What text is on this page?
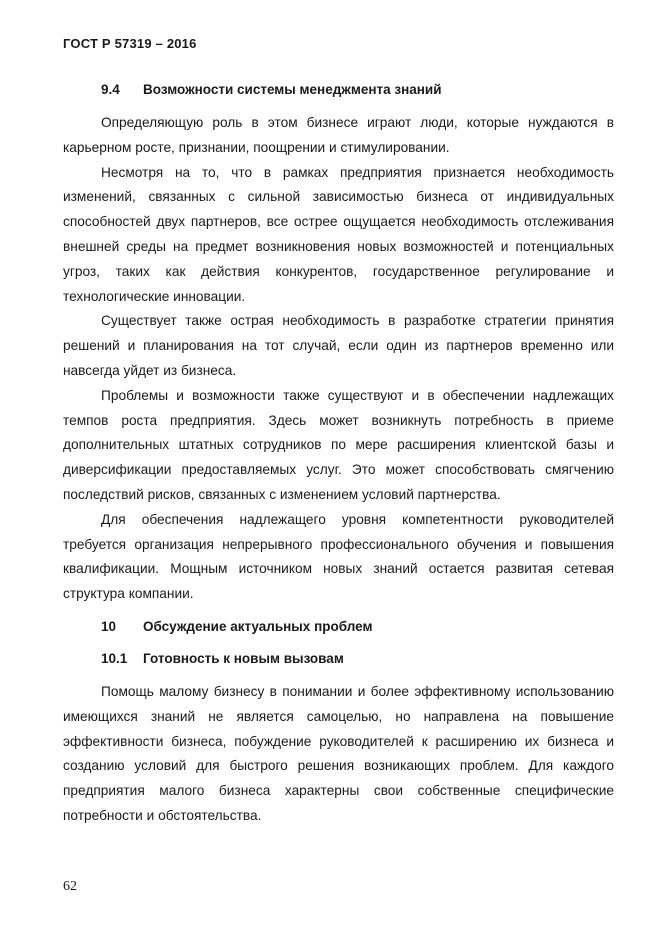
ГОСТ Р 57319 – 2016
9.4 Возможности системы менеджмента знаний

Определяющую роль в этом бизнесе играют люди, которые нуждаются в карьерном росте, признании, поощрении и стимулировании.

Несмотря на то, что в рамках предприятия признается необходимость изменений, связанных с сильной зависимостью бизнеса от индивидуальных способностей двух партнеров, все острее ощущается необходимость отслеживания внешней среды на предмет возникновения новых возможностей и потенциальных угроз, таких как действия конкурентов, государственное регулирование и технологические инновации.

Существует также острая необходимость в разработке стратегии принятия решений и планирования на тот случай, если один из партнеров временно или навсегда уйдет из бизнеса.

Проблемы и возможности также существуют и в обеспечении надлежащих темпов роста предприятия. Здесь может возникнуть потребность в приеме дополнительных штатных сотрудников по мере расширения клиентской базы и диверсификации предоставляемых услуг. Это может способствовать смягчению последствий рисков, связанных с изменением условий партнерства.

Для обеспечения надлежащего уровня компетентности руководителей требуется организация непрерывного профессионального обучения и повышения квалификации. Мощным источником новых знаний остается развитая сетевая структура компании.

10 Обсуждение актуальных проблем
10.1 Готовность к новым вызовам

Помощь малому бизнесу в понимании и более эффективному использованию имеющихся знаний не является самоцелью, но направлена на повышение эффективности бизнеса, побуждение руководителей к расширению их бизнеса и созданию условий для быстрого решения возникающих проблем. Для каждого предприятия малого бизнеса характерны свои собственные специфические потребности и обстоятельства.

62
